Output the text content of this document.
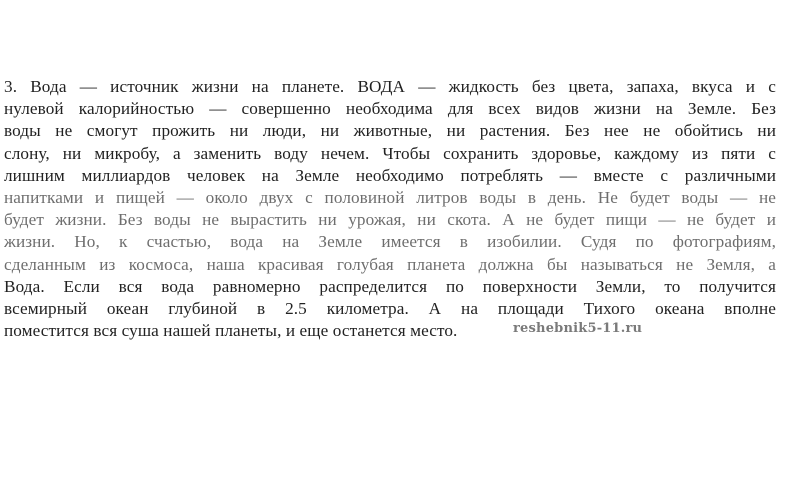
3. Вода — источник жизни на планете. ВОДА — жидкость без цвета, запаха, вкуса и с
нулевой калорийностью — совершенно необходима для всех видов жизни на Земле. Без
воды не смогут прожить ни люди, ни животные, ни растения. Без нее не обойтись ни
слону, ни микробу, а заменить воду нечем. Чтобы сохранить здоровье, каждому из пяти с
лишним миллиардов человек на Земле необходимо потреблять — вместе с различными
напитками и пищей — около двух с половиной литров воды в день. Не будет воды — не
будет жизни. Без воды не вырастить ни урожая, ни скота. А не будет пищи — не будет и
жизни. Но, к счастью, вода на Земле имеется в изобилии. Судя по фотографиям,
сделанным из космоса, наша красивая голубая планета должна бы называться не Земля, а
Вода. Если вся вода равномерно распределится по поверхности Земли, то получится
всемирный океан глубиной в 2.5 километра. А на площади Тихого океана вполне
поместится вся суша нашей планеты, и еще останется место.	reshebnik5-11.ru
